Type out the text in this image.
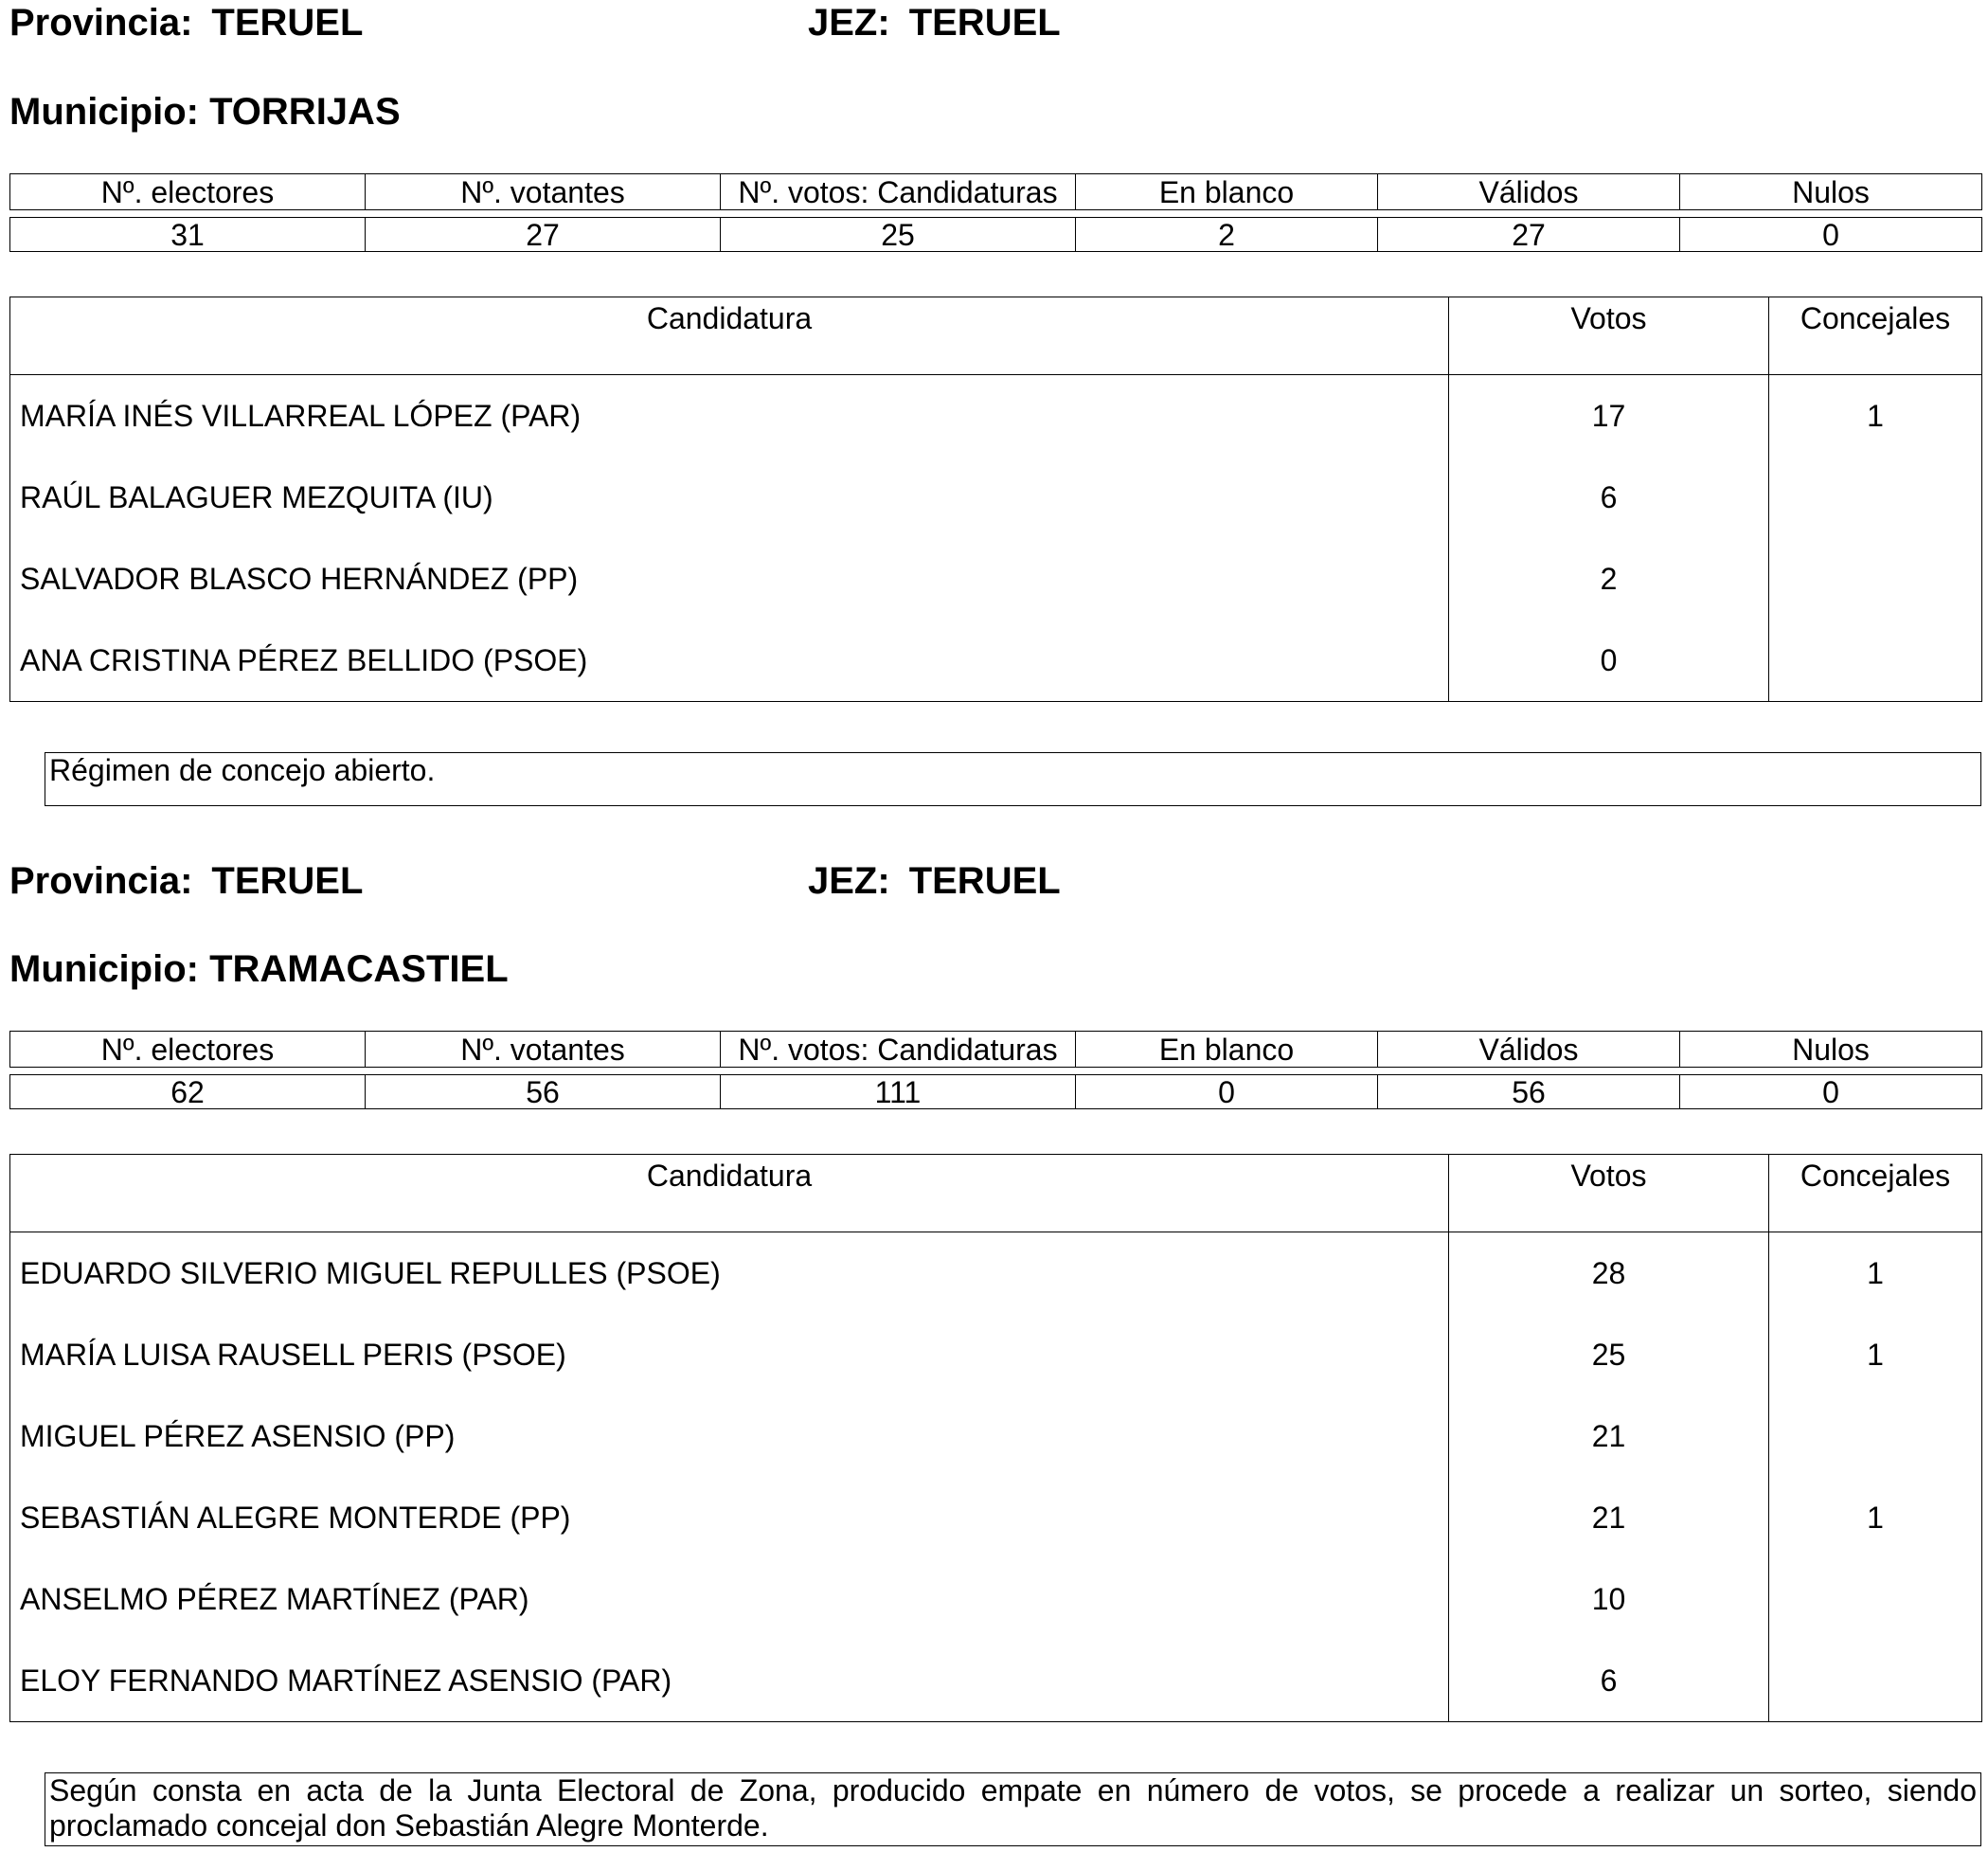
Provincia: TERUEL	JEZ: TERUEL
Municipio: TORRIJAS
Nº. electores	Nº. votantes	Nº. votos: Candidaturas	En blanco	Válidos	Nulos

31	27	25	2	27	0
Candidatura	Votos	Concejales
MARÍA INÉS VILLARREAL LÓPEZ (PAR)	17	1
RAÚL BALAGUER MEZQUITA (IU)	6	
SALVADOR BLASCO HERNÁNDEZ (PP)	2	
ANA CRISTINA PÉREZ BELLIDO (PSOE)	0	
Régimen de concejo abierto.
Provincia: TERUEL	JEZ: TERUEL
Municipio: TRAMACASTIEL
Nº. electores	Nº. votantes	Nº. votos: Candidaturas	En blanco	Válidos	Nulos

62	56	111	0	56	0
Candidatura	Votos	Concejales
EDUARDO SILVERIO MIGUEL REPULLES (PSOE)	28	1
MARÍA LUISA RAUSELL PERIS (PSOE)	25	1
MIGUEL PÉREZ ASENSIO (PP)	21	
SEBASTIÁN ALEGRE MONTERDE (PP)	21	1
ANSELMO PÉREZ MARTÍNEZ (PAR)	10	
ELOY FERNANDO MARTÍNEZ ASENSIO (PAR)	6	
Según consta en acta de la Junta Electoral de Zona, producido empate en número de votos, se procede a realizar un sorteo, siendo proclamado concejal don Sebastián Alegre Monterde.
